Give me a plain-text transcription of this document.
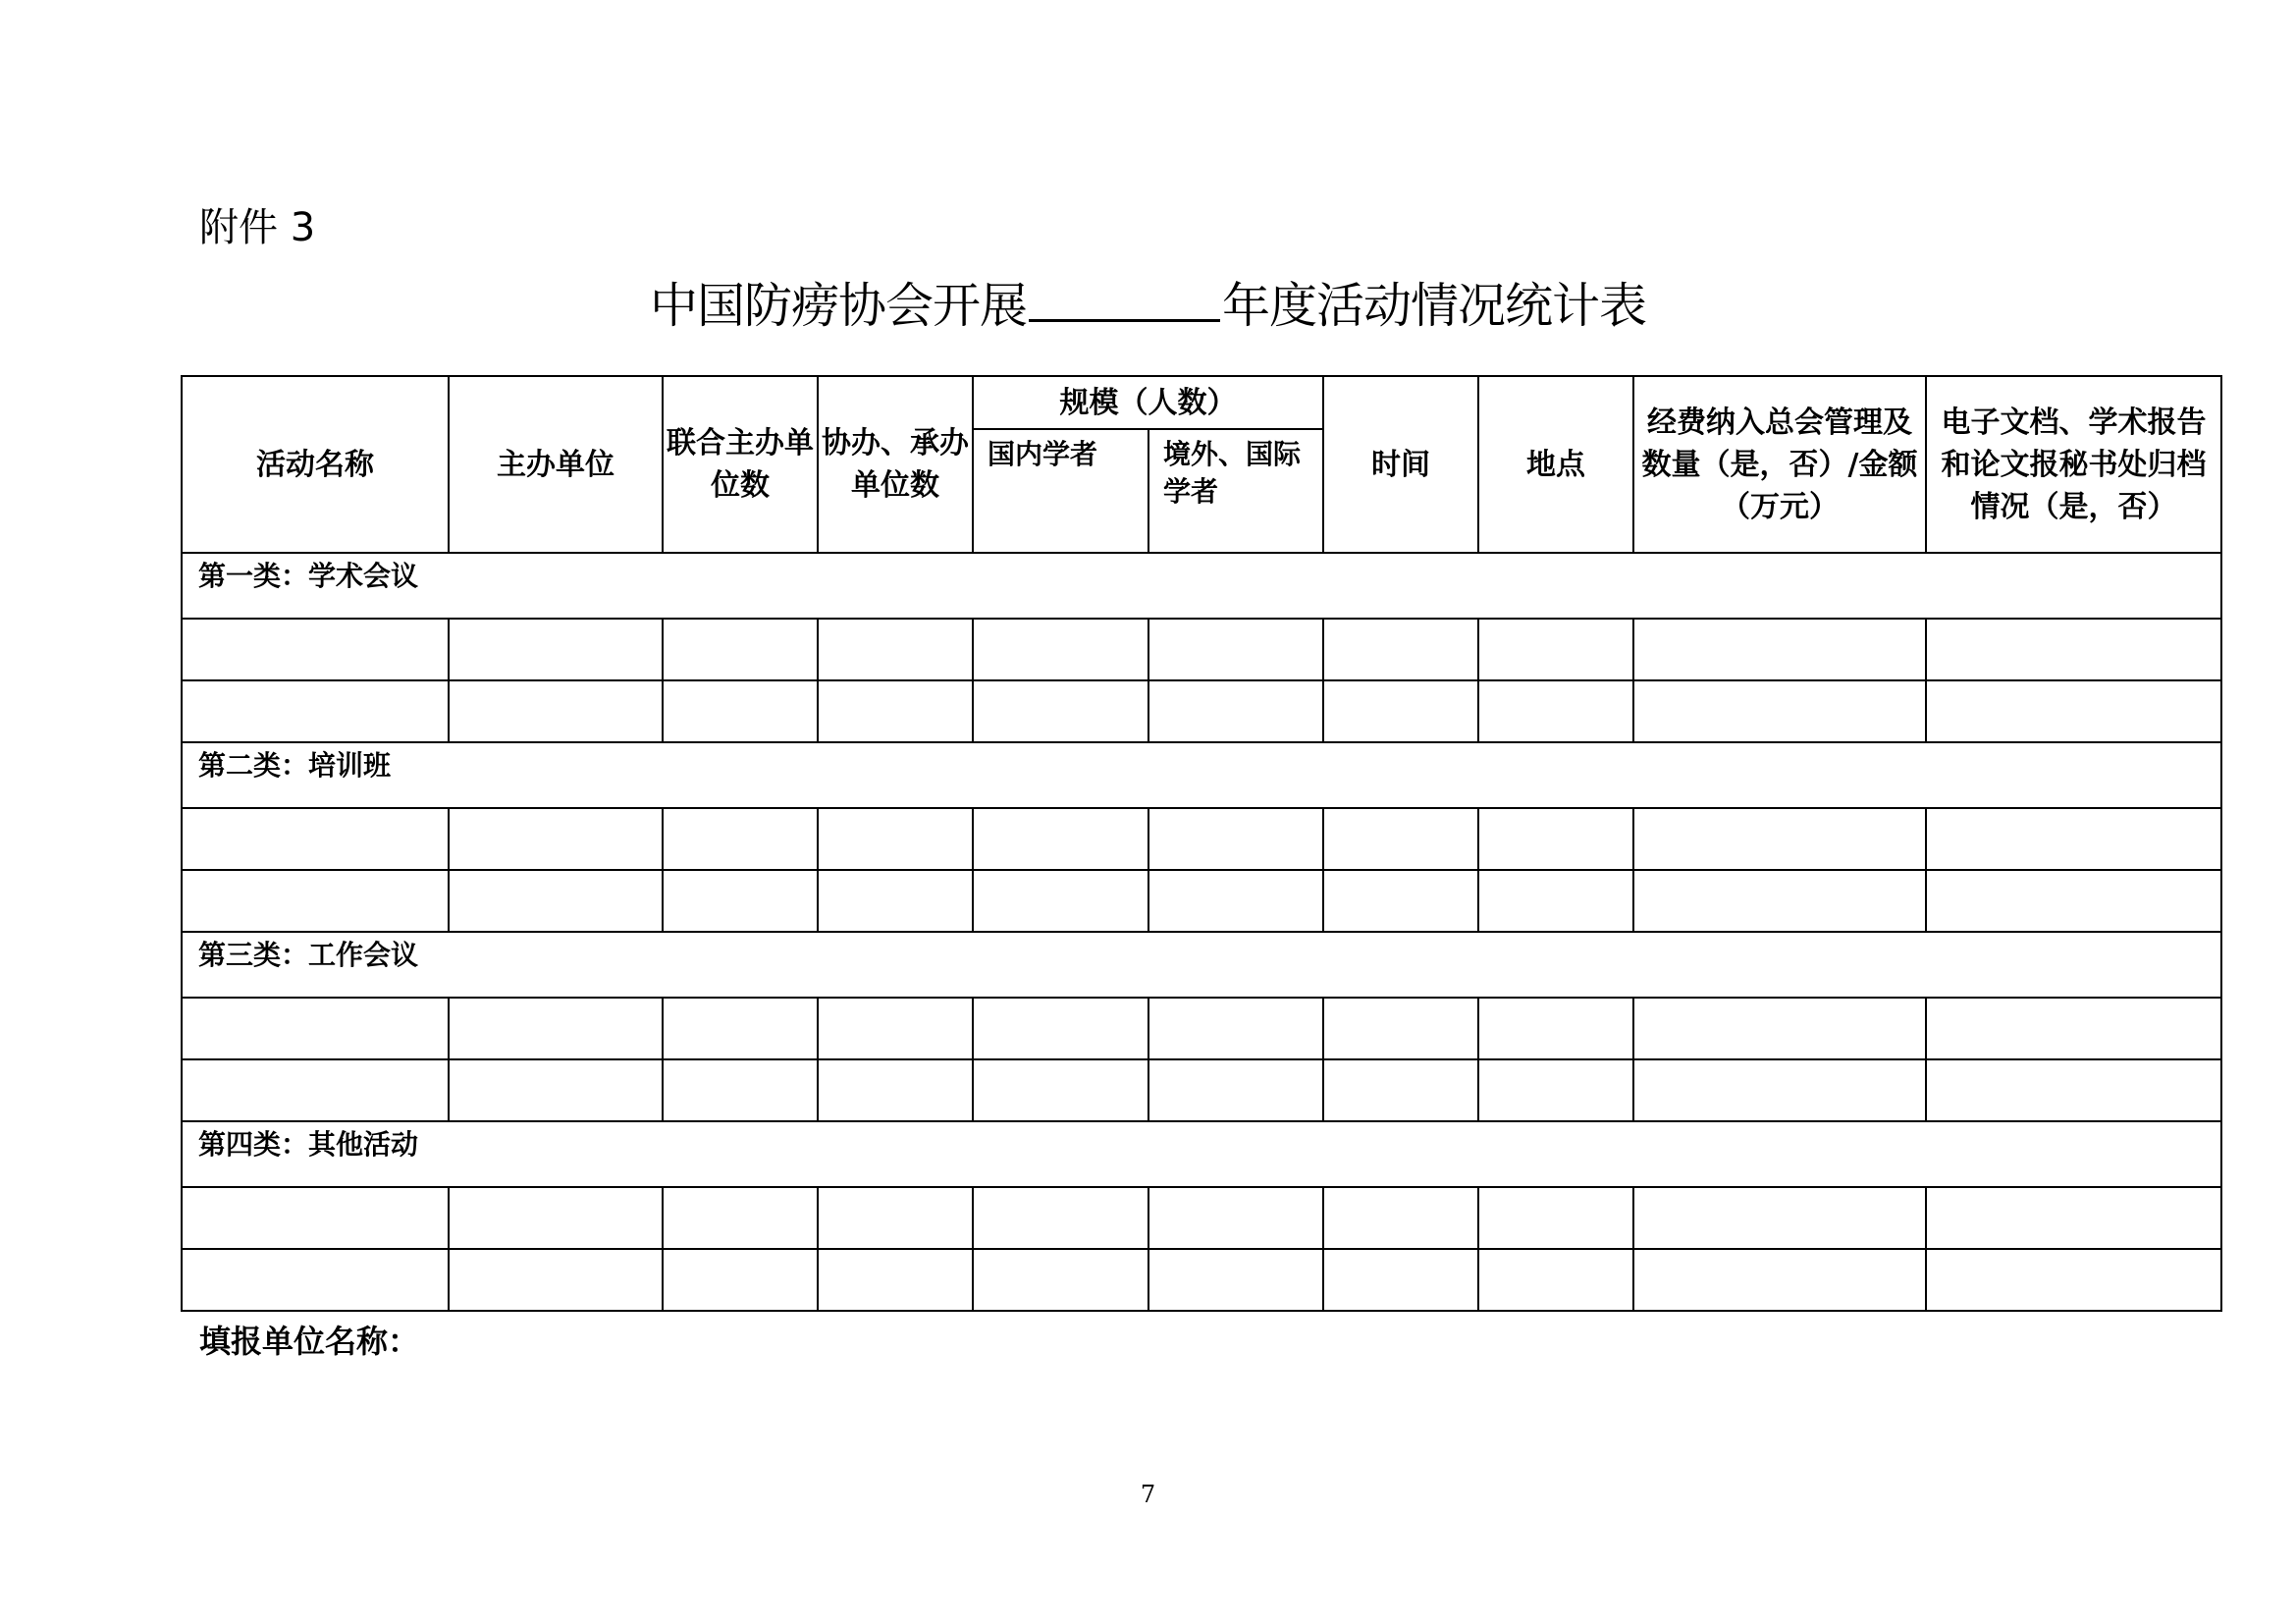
附件 3
中国防痨协会开展	年度活动情况统计表
活动名称	主办单位	联合主办单位数	协办、承办单位数	规模（人数）		时间	地点	经费纳入总会管理及数量（是，否）/金额（万元）	电子文档、学术报告和论文报秘书处归档情况（是，否）
				国内学者	境外、国际学者				
第一类：学术会议									

第二类：培训班									

第三类：工作会议									

第四类：其他活动									

填报单位名称：
7
